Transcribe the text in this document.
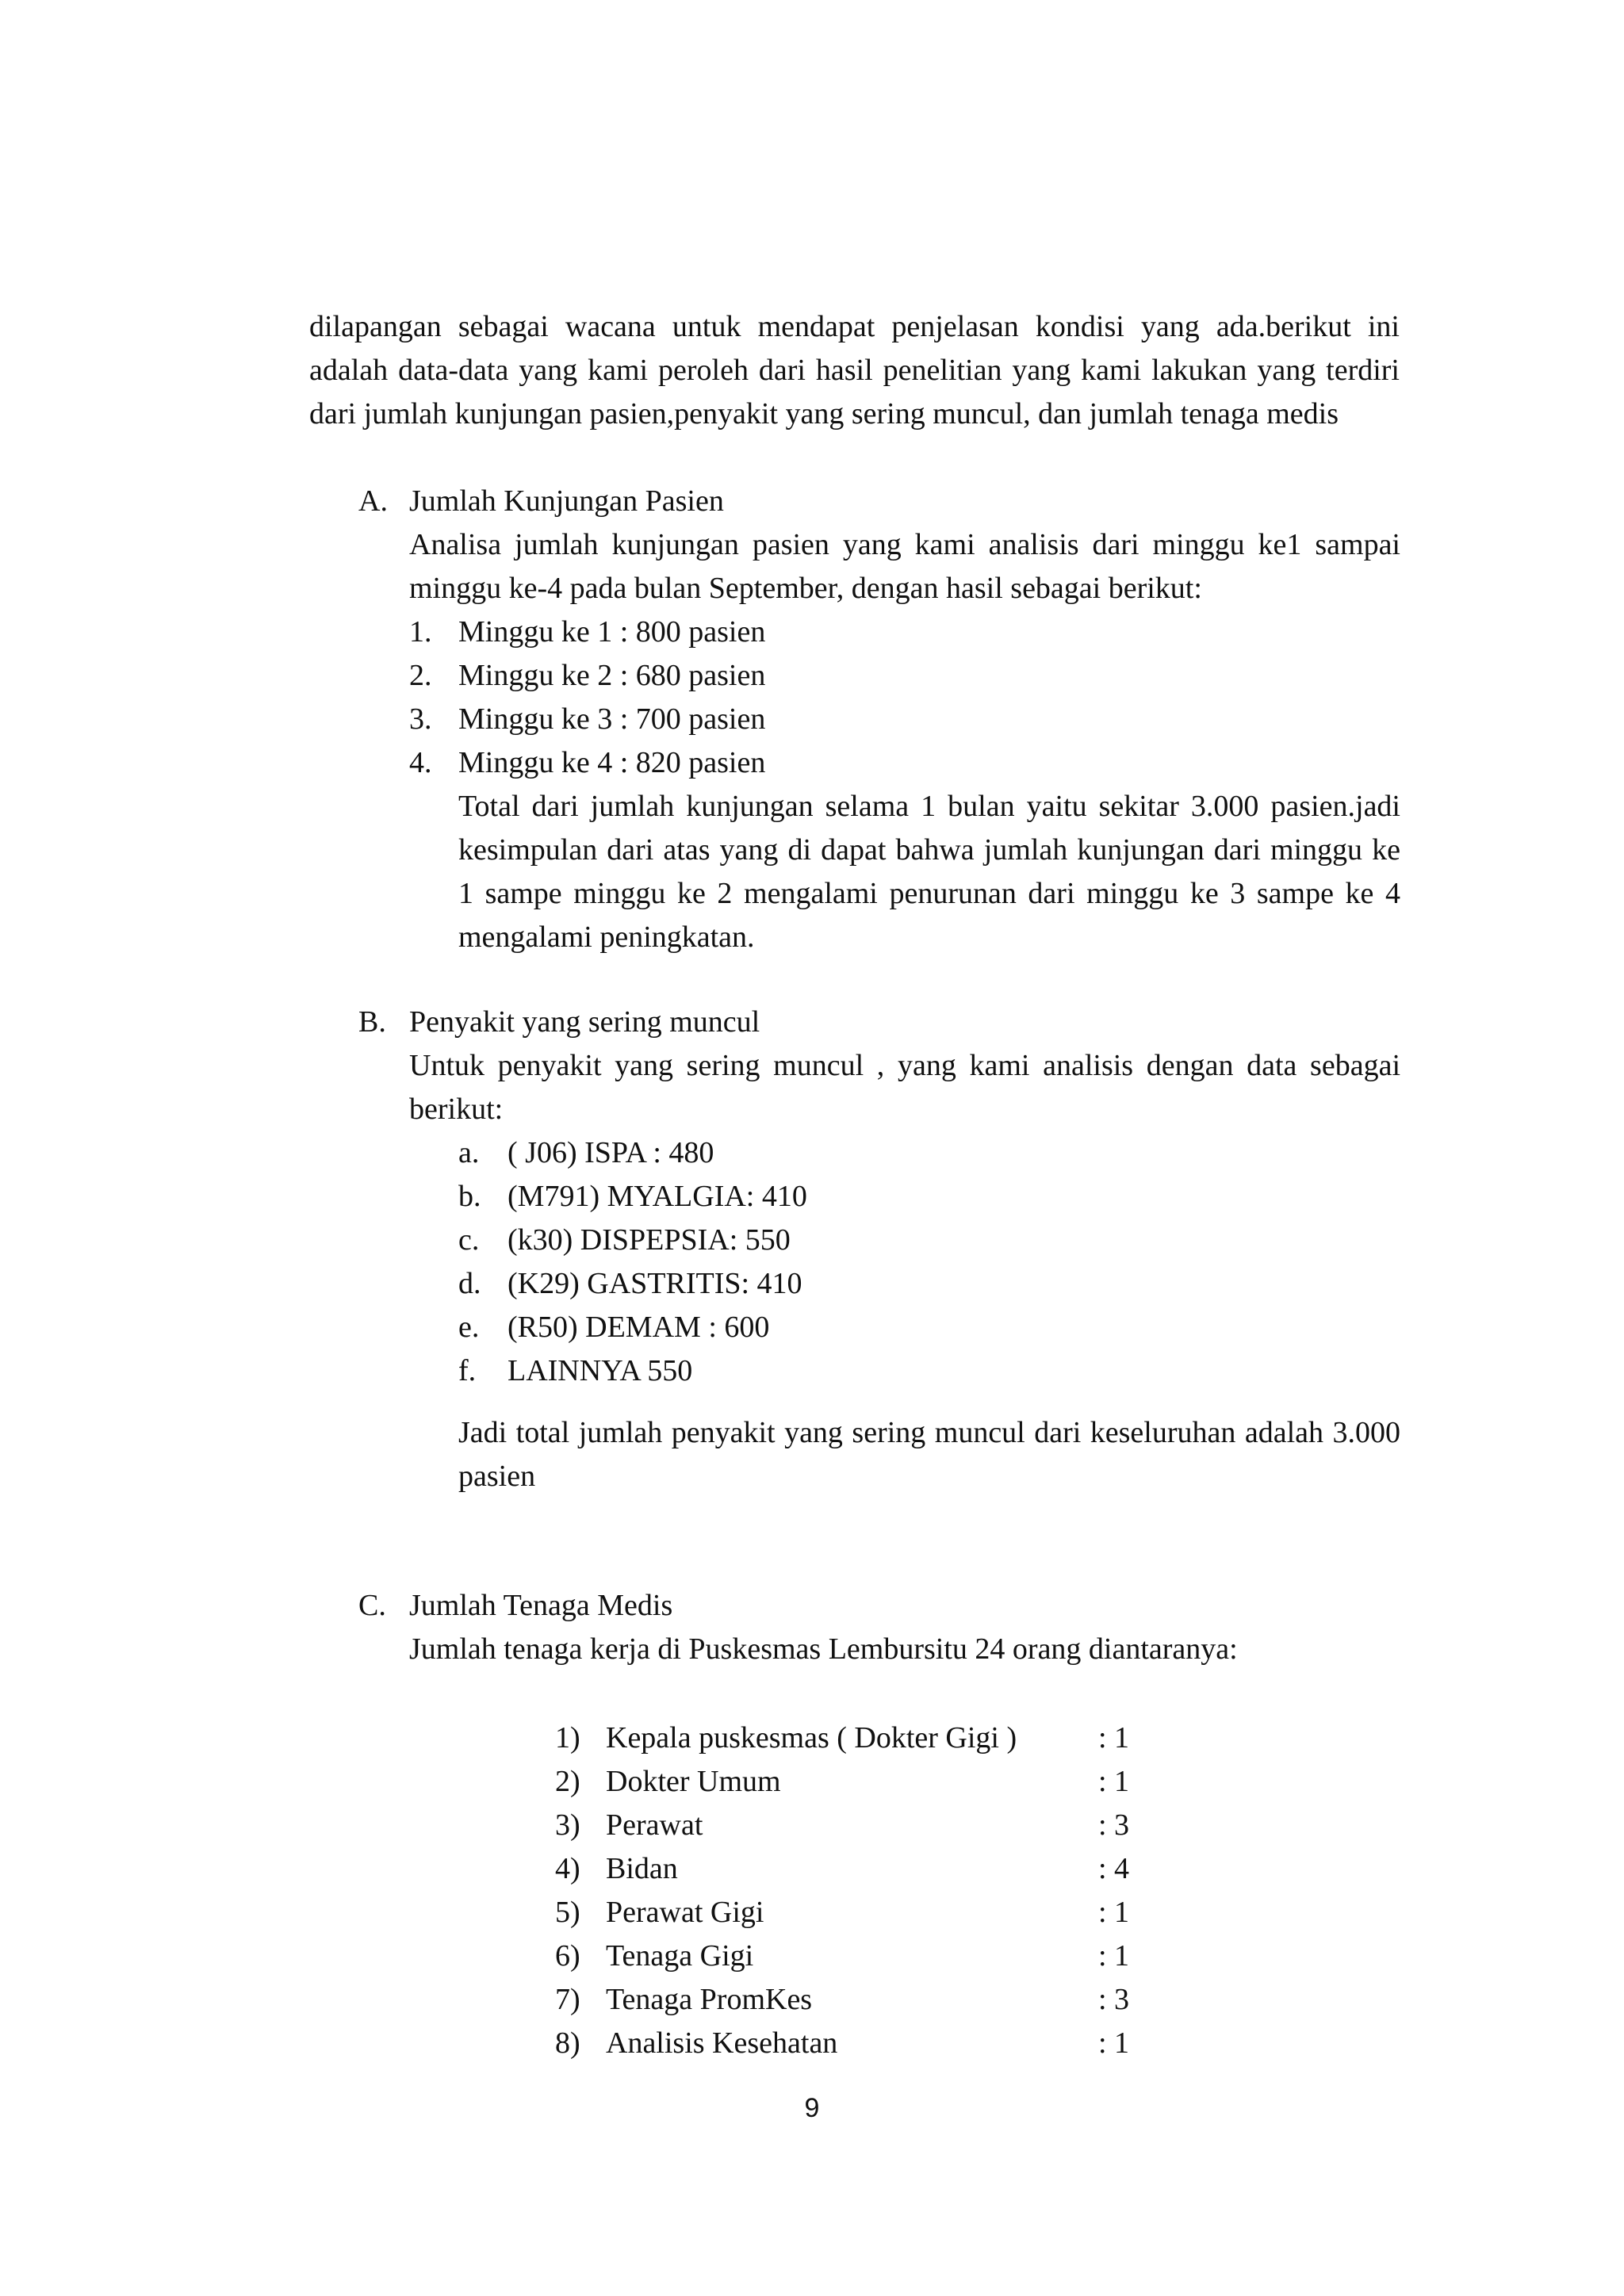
dilapangan sebagai wacana untuk mendapat penjelasan kondisi yang ada.berikut ini adalah data-data yang kami peroleh dari hasil penelitian yang kami lakukan yang terdiri dari jumlah kunjungan pasien,penyakit yang sering muncul, dan jumlah tenaga medis
A. Jumlah Kunjungan Pasien
Analisa jumlah kunjungan pasien yang kami analisis dari minggu ke1 sampai minggu ke-4 pada bulan September, dengan hasil sebagai berikut:
1. Minggu ke 1 : 800 pasien
2. Minggu ke 2 : 680 pasien
3. Minggu ke 3 : 700 pasien
4. Minggu ke 4 : 820 pasien
Total dari jumlah kunjungan selama 1 bulan yaitu sekitar 3.000 pasien.jadi kesimpulan dari atas yang di dapat bahwa jumlah kunjungan dari minggu ke 1 sampe minggu ke 2 mengalami penurunan dari minggu ke 3 sampe ke 4 mengalami peningkatan.
B. Penyakit yang sering muncul
Untuk penyakit yang sering muncul , yang kami analisis dengan data sebagai berikut:
a. ( J06) ISPA : 480
b. (M791) MYALGIA: 410
c. (k30) DISPEPSIA: 550
d. (K29) GASTRITIS: 410
e. (R50) DEMAM : 600
f. LAINNYA 550
Jadi total jumlah penyakit yang sering muncul dari keseluruhan adalah 3.000 pasien
C. Jumlah Tenaga Medis
Jumlah tenaga kerja di Puskesmas Lembursitu 24 orang diantaranya:
1) Kepala puskesmas ( Dokter Gigi )	: 1
2) Dokter Umum	: 1
3) Perawat	: 3
4) Bidan	: 4
5) Perawat Gigi	: 1
6) Tenaga Gigi	: 1
7) Tenaga PromKes	: 3
8) Analisis Kesehatan	: 1
9
